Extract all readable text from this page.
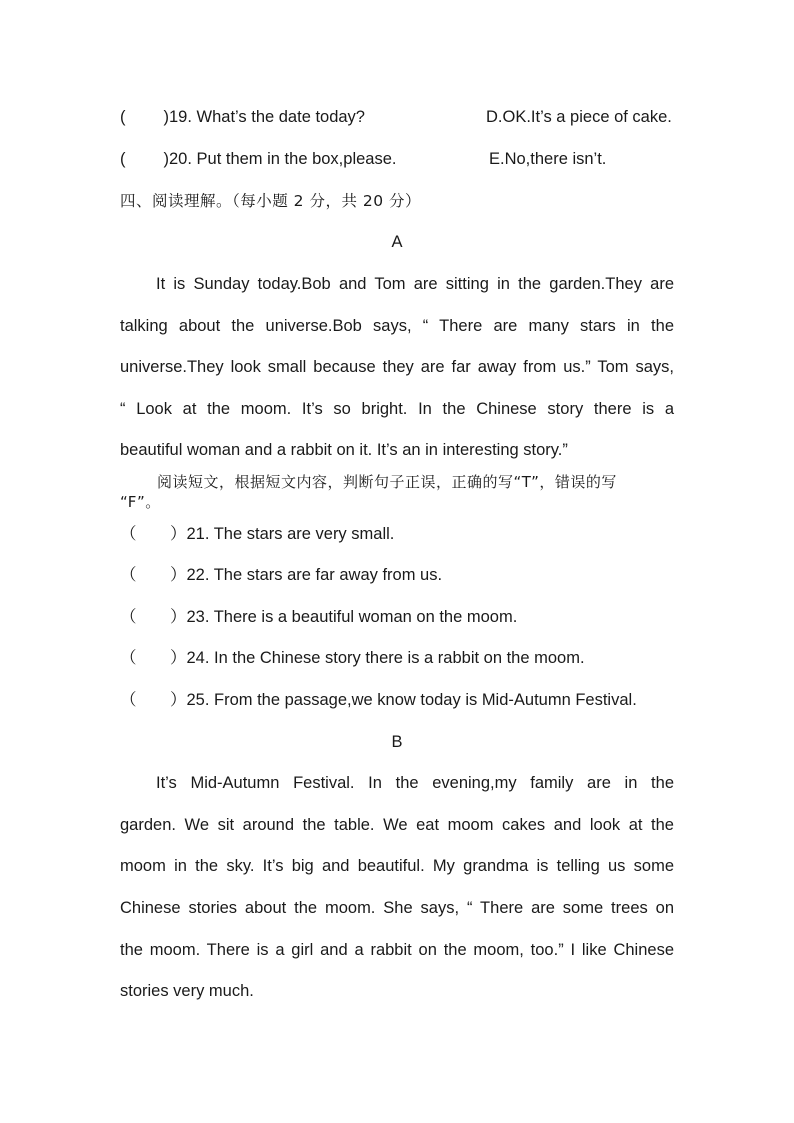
( )19. What’s the date today?	D.OK.It’s a piece of cake.
( )20. Put them in the box,please.	E.No,there isn’t.
四、阅读理解。（每小题 2 分，共 20 分）
A
It is Sunday today.Bob and Tom are sitting in the garden.They are
talking about the universe.Bob says, “ There are many stars in the
universe.They look small because they are far away from us.” Tom says,
“ Look at the moom. It’s so bright. In the Chinese story there is a
beautiful woman and a rabbit on it. It’s an in interesting story.”
阅读短文，根据短文内容，判断句子正误，正确的写“T”，错误的写
“F”。
（ ）21. The stars are very small.
（ ）22. The stars are far away from us.
（ ）23. There is a beautiful woman on the moom.
（ ）24. In the Chinese story there is a rabbit on the moom.
（ ）25. From the passage,we know today is Mid-Autumn Festival.
B
It’s Mid-Autumn Festival. In the evening,my family are in the
garden. We sit around the table. We eat moom cakes and look at the
moom in the sky. It’s big and beautiful. My grandma is telling us some
Chinese stories about the moom. She says, “ There are some trees on
the moom. There is a girl and a rabbit on the moom, too.” I like Chinese
stories very much.
